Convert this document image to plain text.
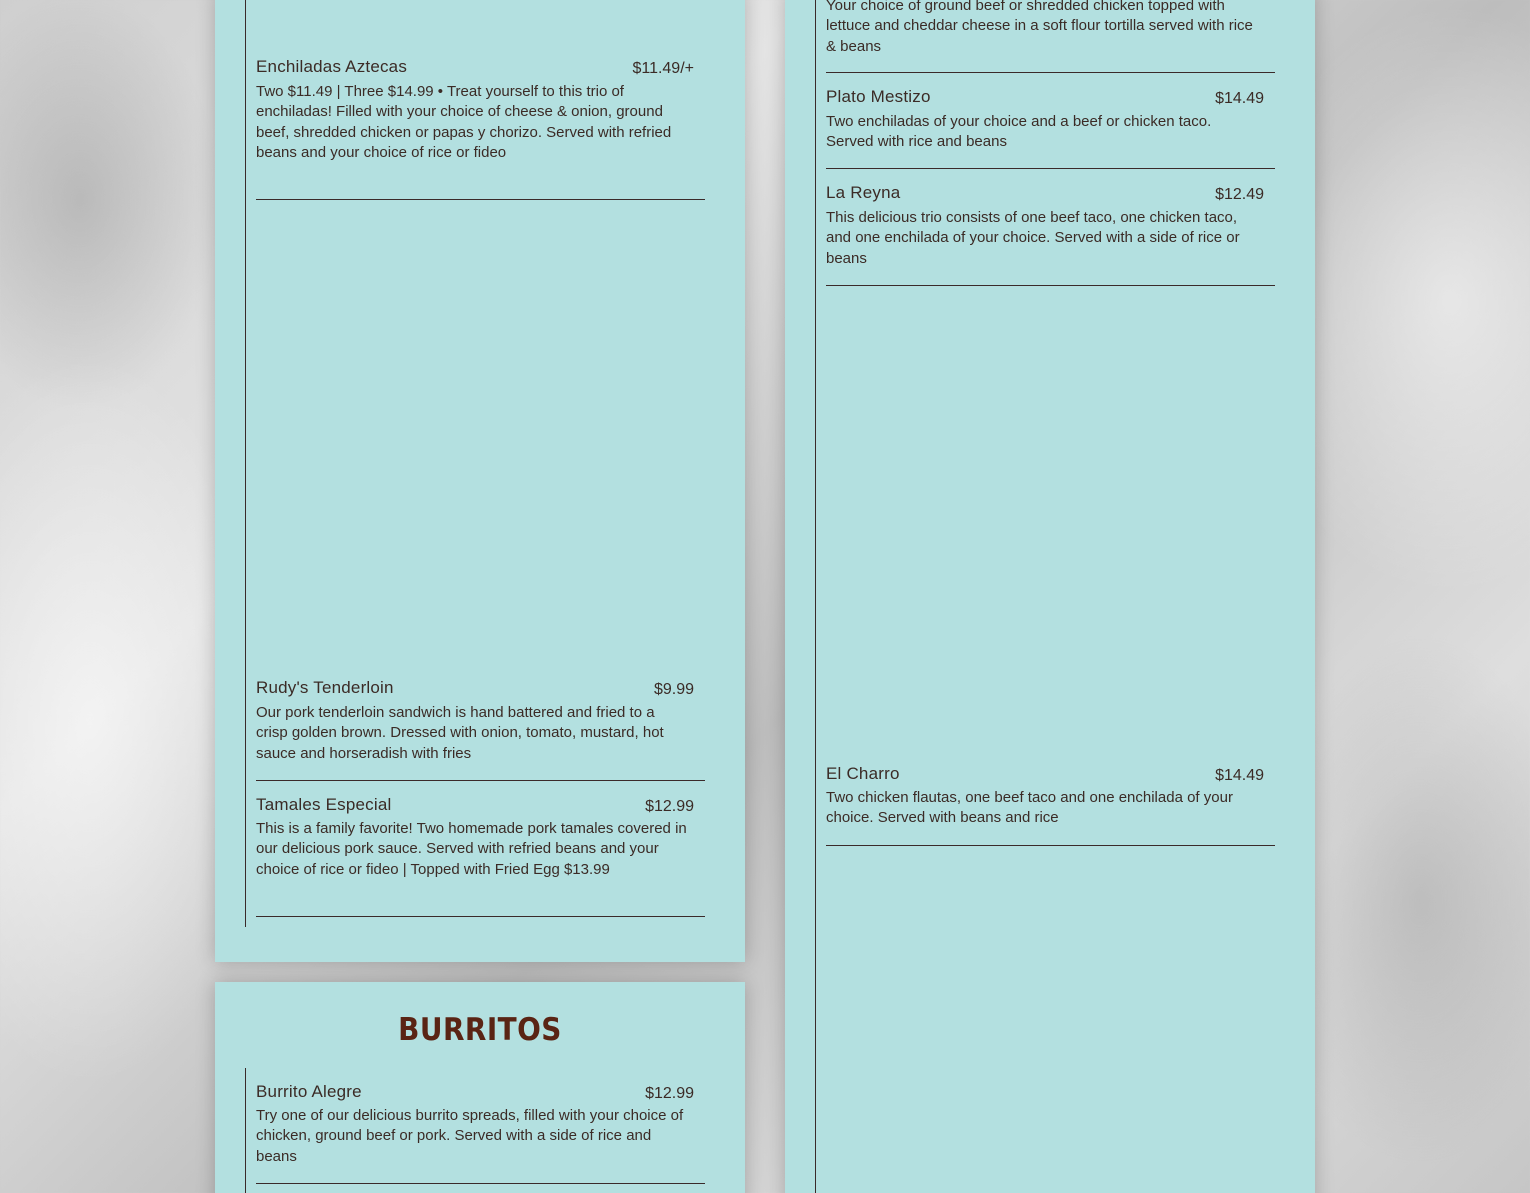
Enchiladas Aztecas	$11.49/+
Two $11.49 | Three $14.99 • Treat yourself to this trio of enchiladas! Filled with your choice of cheese & onion, ground beef, shredded chicken or papas y chorizo. Served with refried beans and your choice of rice or fideo
Rudy's Tenderloin	$9.99
Our pork tenderloin sandwich is hand battered and fried to a crisp golden brown. Dressed with onion, tomato, mustard, hot sauce and horseradish with fries
Tamales Especial	$12.99
This is a family favorite! Two homemade pork tamales covered in our delicious pork sauce. Served with refried beans and your choice of rice or fideo | Topped with Fried Egg $13.99
BURRITOS
Burrito Alegre	$12.99
Try one of our delicious burrito spreads, filled with your choice of chicken, ground beef or pork. Served with a side of rice and beans
Your choice of ground beef or shredded chicken topped with lettuce and cheddar cheese in a soft flour tortilla served with rice & beans
Plato Mestizo	$14.49
Two enchiladas of your choice and a beef or chicken taco. Served with rice and beans
La Reyna	$12.49
This delicious trio consists of one beef taco, one chicken taco, and one enchilada of your choice. Served with a side of rice or beans
El Charro	$14.49
Two chicken flautas, one beef taco and one enchilada of your choice. Served with beans and rice
